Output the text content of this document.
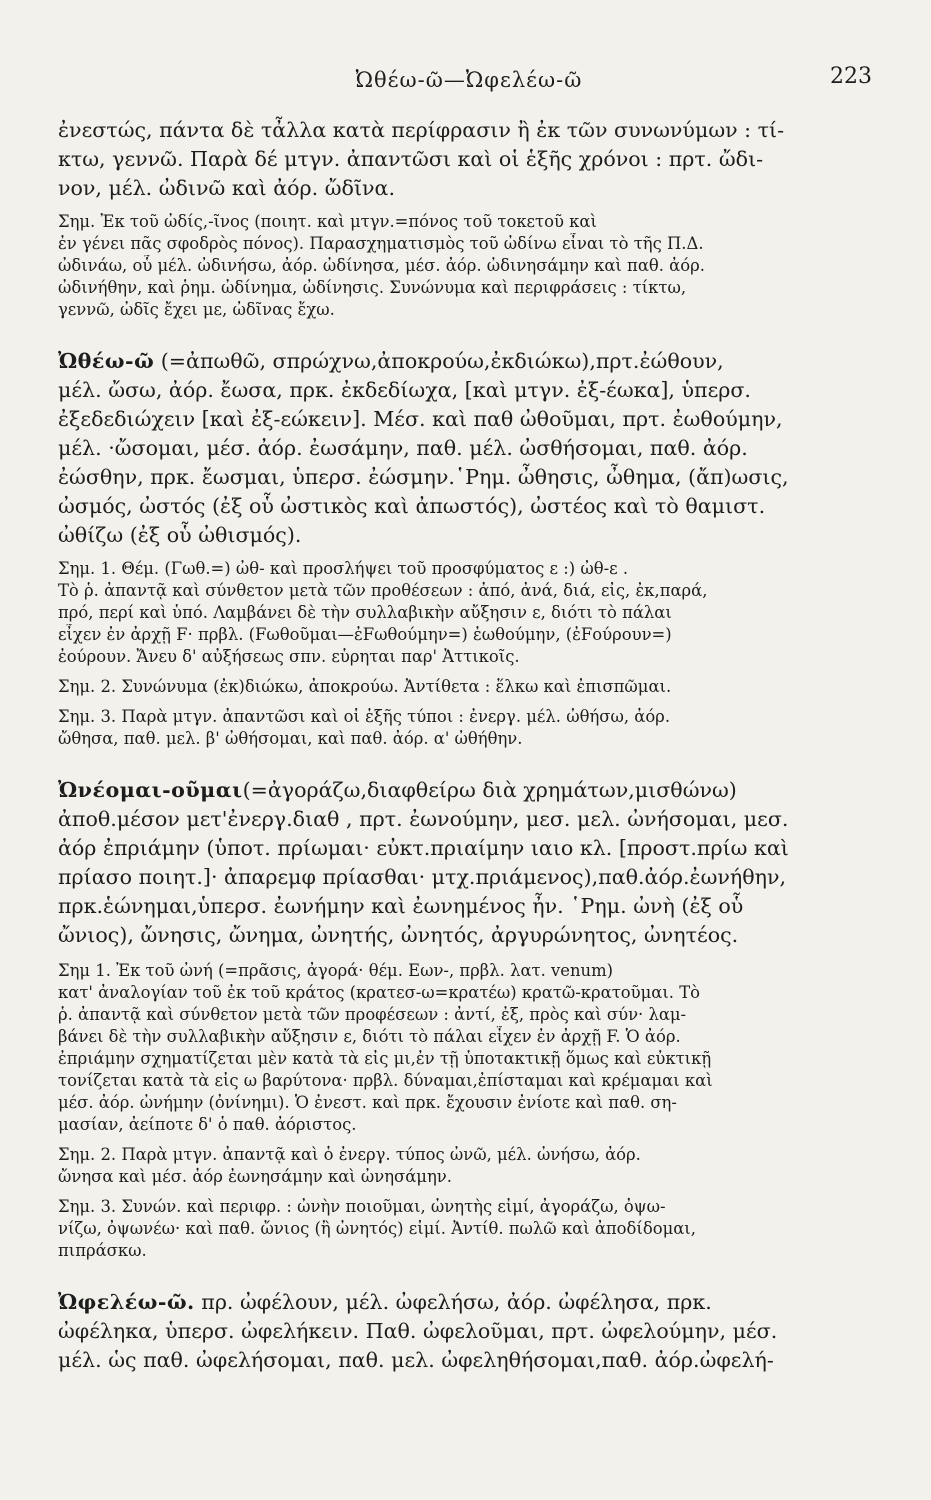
Ὠθέω-ῶ—Ὠφελέω-ῶ	223
ἐνεστώς, πάντα δὲ τἆλλα κατὰ περίφρασιν ἢ ἐκ τῶν συνωνύμων : τί-
κτω, γεννῶ. Παρὰ δέ μτγν. ἀπαντῶσι καὶ οἱ ἑξῆς χρόνοι : πρτ. ὤδι-
νον, μέλ. ὠδινῶ καὶ ἀόρ. ὤδῖνα.
Σημ. Ἐκ τοῦ ὠδίς,-ῖνος (ποιητ. καὶ μτγν.=πόνος τοῦ τοκετοῦ καὶ
ἐν γένει πᾶς σφοδρὸς πόνος). Παρασχηματισμὸς τοῦ ὠδίνω εἶναι τὸ τῆς Π.Δ.
ὠδινάω, οὗ μέλ. ὠδινήσω, ἀόρ. ὠδίνησα, μέσ. ἀόρ. ὠδινησάμην καὶ παθ. ἀόρ.
ὠδινήθην, καὶ ῥημ. ὠδίνημα, ὠδίνησις. Συνώνυμα καὶ περιφράσεις : τίκτω,
γεννῶ, ὠδῖς ἔχει με, ὠδῖνας ἔχω.
Ὠθέω-ῶ (=ἀπωθῶ, σπρώχνω,ἀποκρούω,ἐκδιώκω),πρτ.ἐώθουν,
μέλ. ὤσω, ἀόρ. ἔωσα, πρκ. ἐκδεδίωχα, [καὶ μτγν. ἐξ-έωκα], ὑπερσ.
ἐξεδεδιώχειν [καὶ ἐξ-εώκειν]. Μέσ. καὶ παθ ὠθοῦμαι, πρτ. ἐωθούμην,
μέλ. ·ὤσομαι, μέσ. ἀόρ. ἐωσάμην, παθ. μέλ. ὠσθήσομαι, παθ. ἀόρ.
ἐώσθην, πρκ. ἔωσμαι, ὑπερσ. ἐώσμην.῾Ρημ. ὦθησις, ὦθημα, (ἄπ)ωσις,
ὠσμός, ὠστός (ἐξ οὗ ὠστικὸς καὶ ἀπωστός), ὠστέος καὶ τὸ θαμιστ.
ὠθίζω (ἐξ οὗ ὠθισμός).
Σημ. 1. Θέμ. (Γωθ.=) ὠθ- καὶ προσλήψει τοῦ προσφύματος ε :) ὠθ-ε .
Τὸ ῥ. ἀπαντᾷ καὶ σύνθετον μετὰ τῶν προθέσεων : ἀπό, ἀνά, διά, εἰς, ἐκ,παρά,
πρό, περί καὶ ὑπό. Λαμβάνει δὲ τὴν συλλαβικὴν αὔξησιν ε, διότι τὸ πάλαι
εἶχεν ἐν ἀρχῇ F· πρβλ. (Fωθοῦμαι—ἐFωθούμην=) ἐωθούμην, (ἐFούρουν=)
ἐούρουν. Ἄνευ δ' αὐξήσεως σπν. εὑρηται παρ' Ἀττικοῖς.
Σημ. 2. Συνώνυμα (ἐκ)διώκω, ἀποκρούω. Ἀντίθετα : ἕλκω καὶ ἐπισπῶμαι.
Σημ. 3. Παρὰ μτγν. ἀπαντῶσι καὶ οἱ ἑξῆς τύποι : ἐνεργ. μέλ. ὠθήσω, ἀόρ.
ὤθησα, παθ. μελ. β' ὠθήσομαι, καὶ παθ. ἀόρ. α' ὠθήθην.
Ὠνέομαι-οῦμαι(=ἀγοράζω,διαφθείρω διὰ χρημάτων,μισθώνω)
ἀποθ.μέσον μετ'ἐνεργ.διαθ , πρτ. ἐωνούμην, μεσ. μελ. ὠνήσομαι, μεσ.
ἀόρ ἐπριάμην (ὑποτ. πρίωμαι· εὐκτ.πριαίμην ιαιο κλ. [προστ.πρίω καὶ
πρίασο ποιητ.]· ἀπαρεμφ πρίασθαι· μτχ.πριάμενος),παθ.ἀόρ.ἐωνήθην,
πρκ.ἑώνημαι,ὑπερσ. ἐωνήμην καὶ ἐωνημένος ἦν. ῾Ρημ. ὠνὴ (ἐξ οὗ
ὤνιος), ὤνησις, ὤνημα, ὠνητής, ὠνητός, ἀργυρώνητος, ὠνητέος.
Σημ 1. Ἐκ τοῦ ὠνή (=πρᾶσις, ἀγορά· θέμ. Εων-, πρβλ. λατ. venum)
κατ' ἀναλογίαν τοῦ ἐκ τοῦ κράτος (κρατεσ-ω=κρατέω) κρατῶ-κρατοῦμαι. Τὸ
ῥ. ἀπαντᾷ καὶ σύνθετον μετὰ τῶν προφέσεων : ἀντί, ἐξ, πρὸς καὶ σύν· λαμ-
βάνει δὲ τὴν συλλαβικὴν αὔξησιν ε, διότι τὸ πάλαι εἶχεν ἐν ἀρχῇ F. Ὁ ἀόρ.
ἐπριάμην σχηματίζεται μὲν κατὰ τὰ εἰς μι,ἐν τῇ ὑποτακτικῇ ὅμως καὶ εὐκτικῇ
τονίζεται κατὰ τὰ εἰς ω βαρύτονα· πρβλ. δύναμαι,ἐπίσταμαι καὶ κρέμαμαι καὶ
μέσ. ἀόρ. ὠνήμην (ὀνίνημι). Ὁ ἐνεστ. καὶ πρκ. ἔχουσιν ἐνίοτε καὶ παθ. ση-
μασίαν, ἀείποτε δ' ὁ παθ. ἀόριστος.
Σημ. 2. Παρὰ μτγν. ἀπαντᾷ καὶ ὁ ἐνεργ. τύπος ὠνῶ, μέλ. ὠνήσω, ἀόρ.
ὤνησα καὶ μέσ. ἀόρ ἐωνησάμην καὶ ὠνησάμην.
Σημ. 3. Συνών. καὶ περιφρ. : ὠνὴν ποιοῦμαι, ὠνητὴς εἰμί, ἀγοράζω, ὀψω-
νίζω, ὀψωνέω· καὶ παθ. ὤνιος (ἢ ὠνητός) εἰμί. Ἀντίθ. πωλῶ καὶ ἀποδίδομαι,
πιπράσκω.
Ὠφελέω-ῶ. πρ. ὠφέλουν, μέλ. ὠφελήσω, ἀόρ. ὠφέλησα, πρκ.
ὠφέληκα, ὑπερσ. ὠφελήκειν. Παθ. ὠφελοῦμαι, πρτ. ὠφελούμην, μέσ.
μέλ. ὡς παθ. ὠφελήσομαι, παθ. μελ. ὠφεληθήσομαι,παθ. ἀόρ.ὠφελή-
